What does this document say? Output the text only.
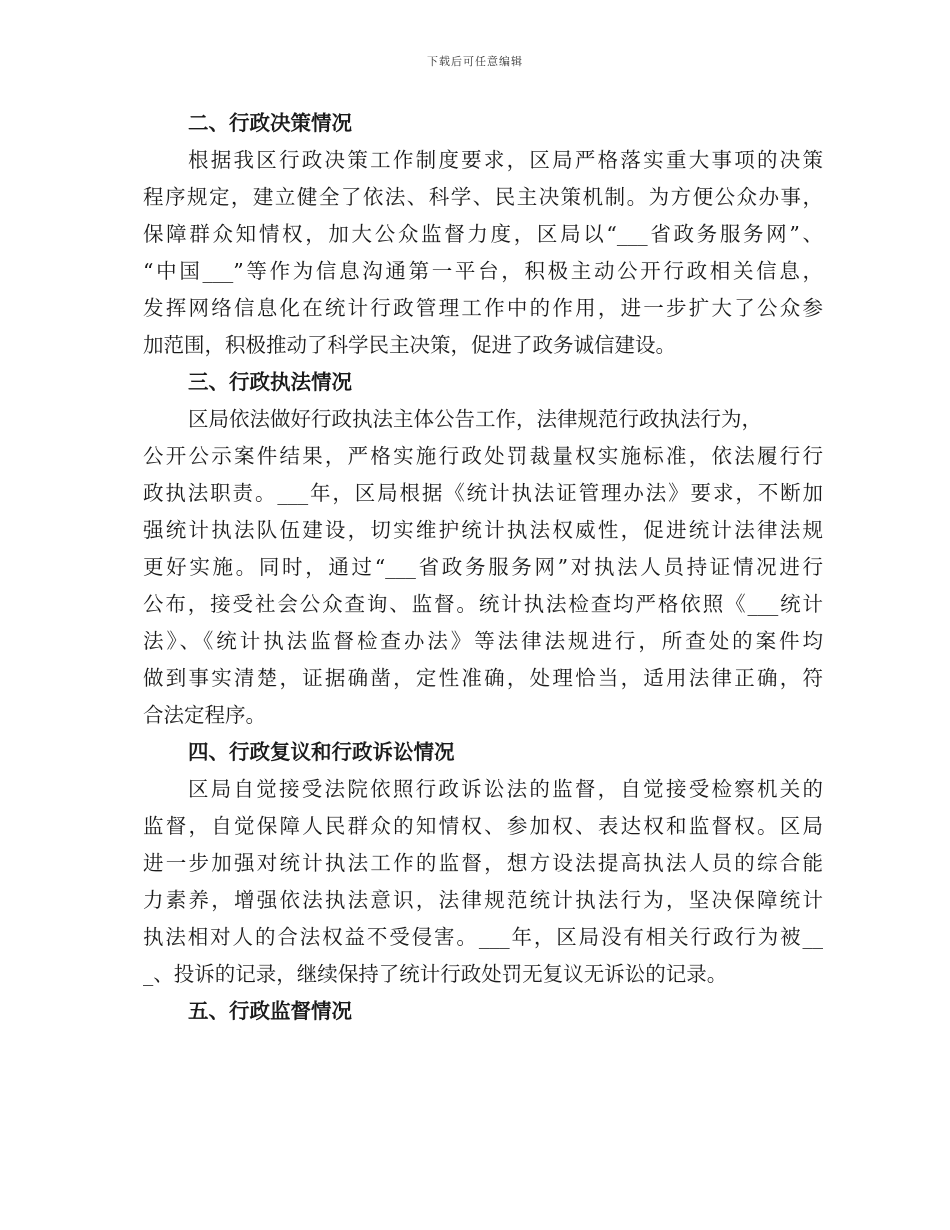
下载后可任意编辑
二、行政决策情况
根据我区行政决策工作制度要求，区局严格落实重大事项的决策
程序规定，建立健全了依法、科学、民主决策机制。为方便公众办事，
保障群众知情权，加大公众监督力度，区局以“___省政务服务网”、
“中国___”等作为信息沟通第一平台，积极主动公开行政相关信息，
发挥网络信息化在统计行政管理工作中的作用，进一步扩大了公众参
加范围，积极推动了科学民主决策，促进了政务诚信建设。
三、行政执法情况
区局依法做好行政执法主体公告工作，法律规范行政执法行为，
公开公示案件结果，严格实施行政处罚裁量权实施标准，依法履行行
政执法职责。___年，区局根据《统计执法证管理办法》要求，不断加
强统计执法队伍建设，切实维护统计执法权威性，促进统计法律法规
更好实施。同时，通过“___省政务服务网”对执法人员持证情况进行
公布，接受社会公众查询、监督。统计执法检查均严格依照《___统计
法》、《统计执法监督检查办法》等法律法规进行，所查处的案件均
做到事实清楚，证据确凿，定性准确，处理恰当，适用法律正确，符
合法定程序。
四、行政复议和行政诉讼情况
区局自觉接受法院依照行政诉讼法的监督，自觉接受检察机关的
监督，自觉保障人民群众的知情权、参加权、表达权和监督权。区局
进一步加强对统计执法工作的监督，想方设法提高执法人员的综合能
力素养，增强依法执法意识，法律规范统计执法行为，坚决保障统计
执法相对人的合法权益不受侵害。___年，区局没有相关行政行为被__
_、投诉的记录，继续保持了统计行政处罚无复议无诉讼的记录。
五、行政监督情况
